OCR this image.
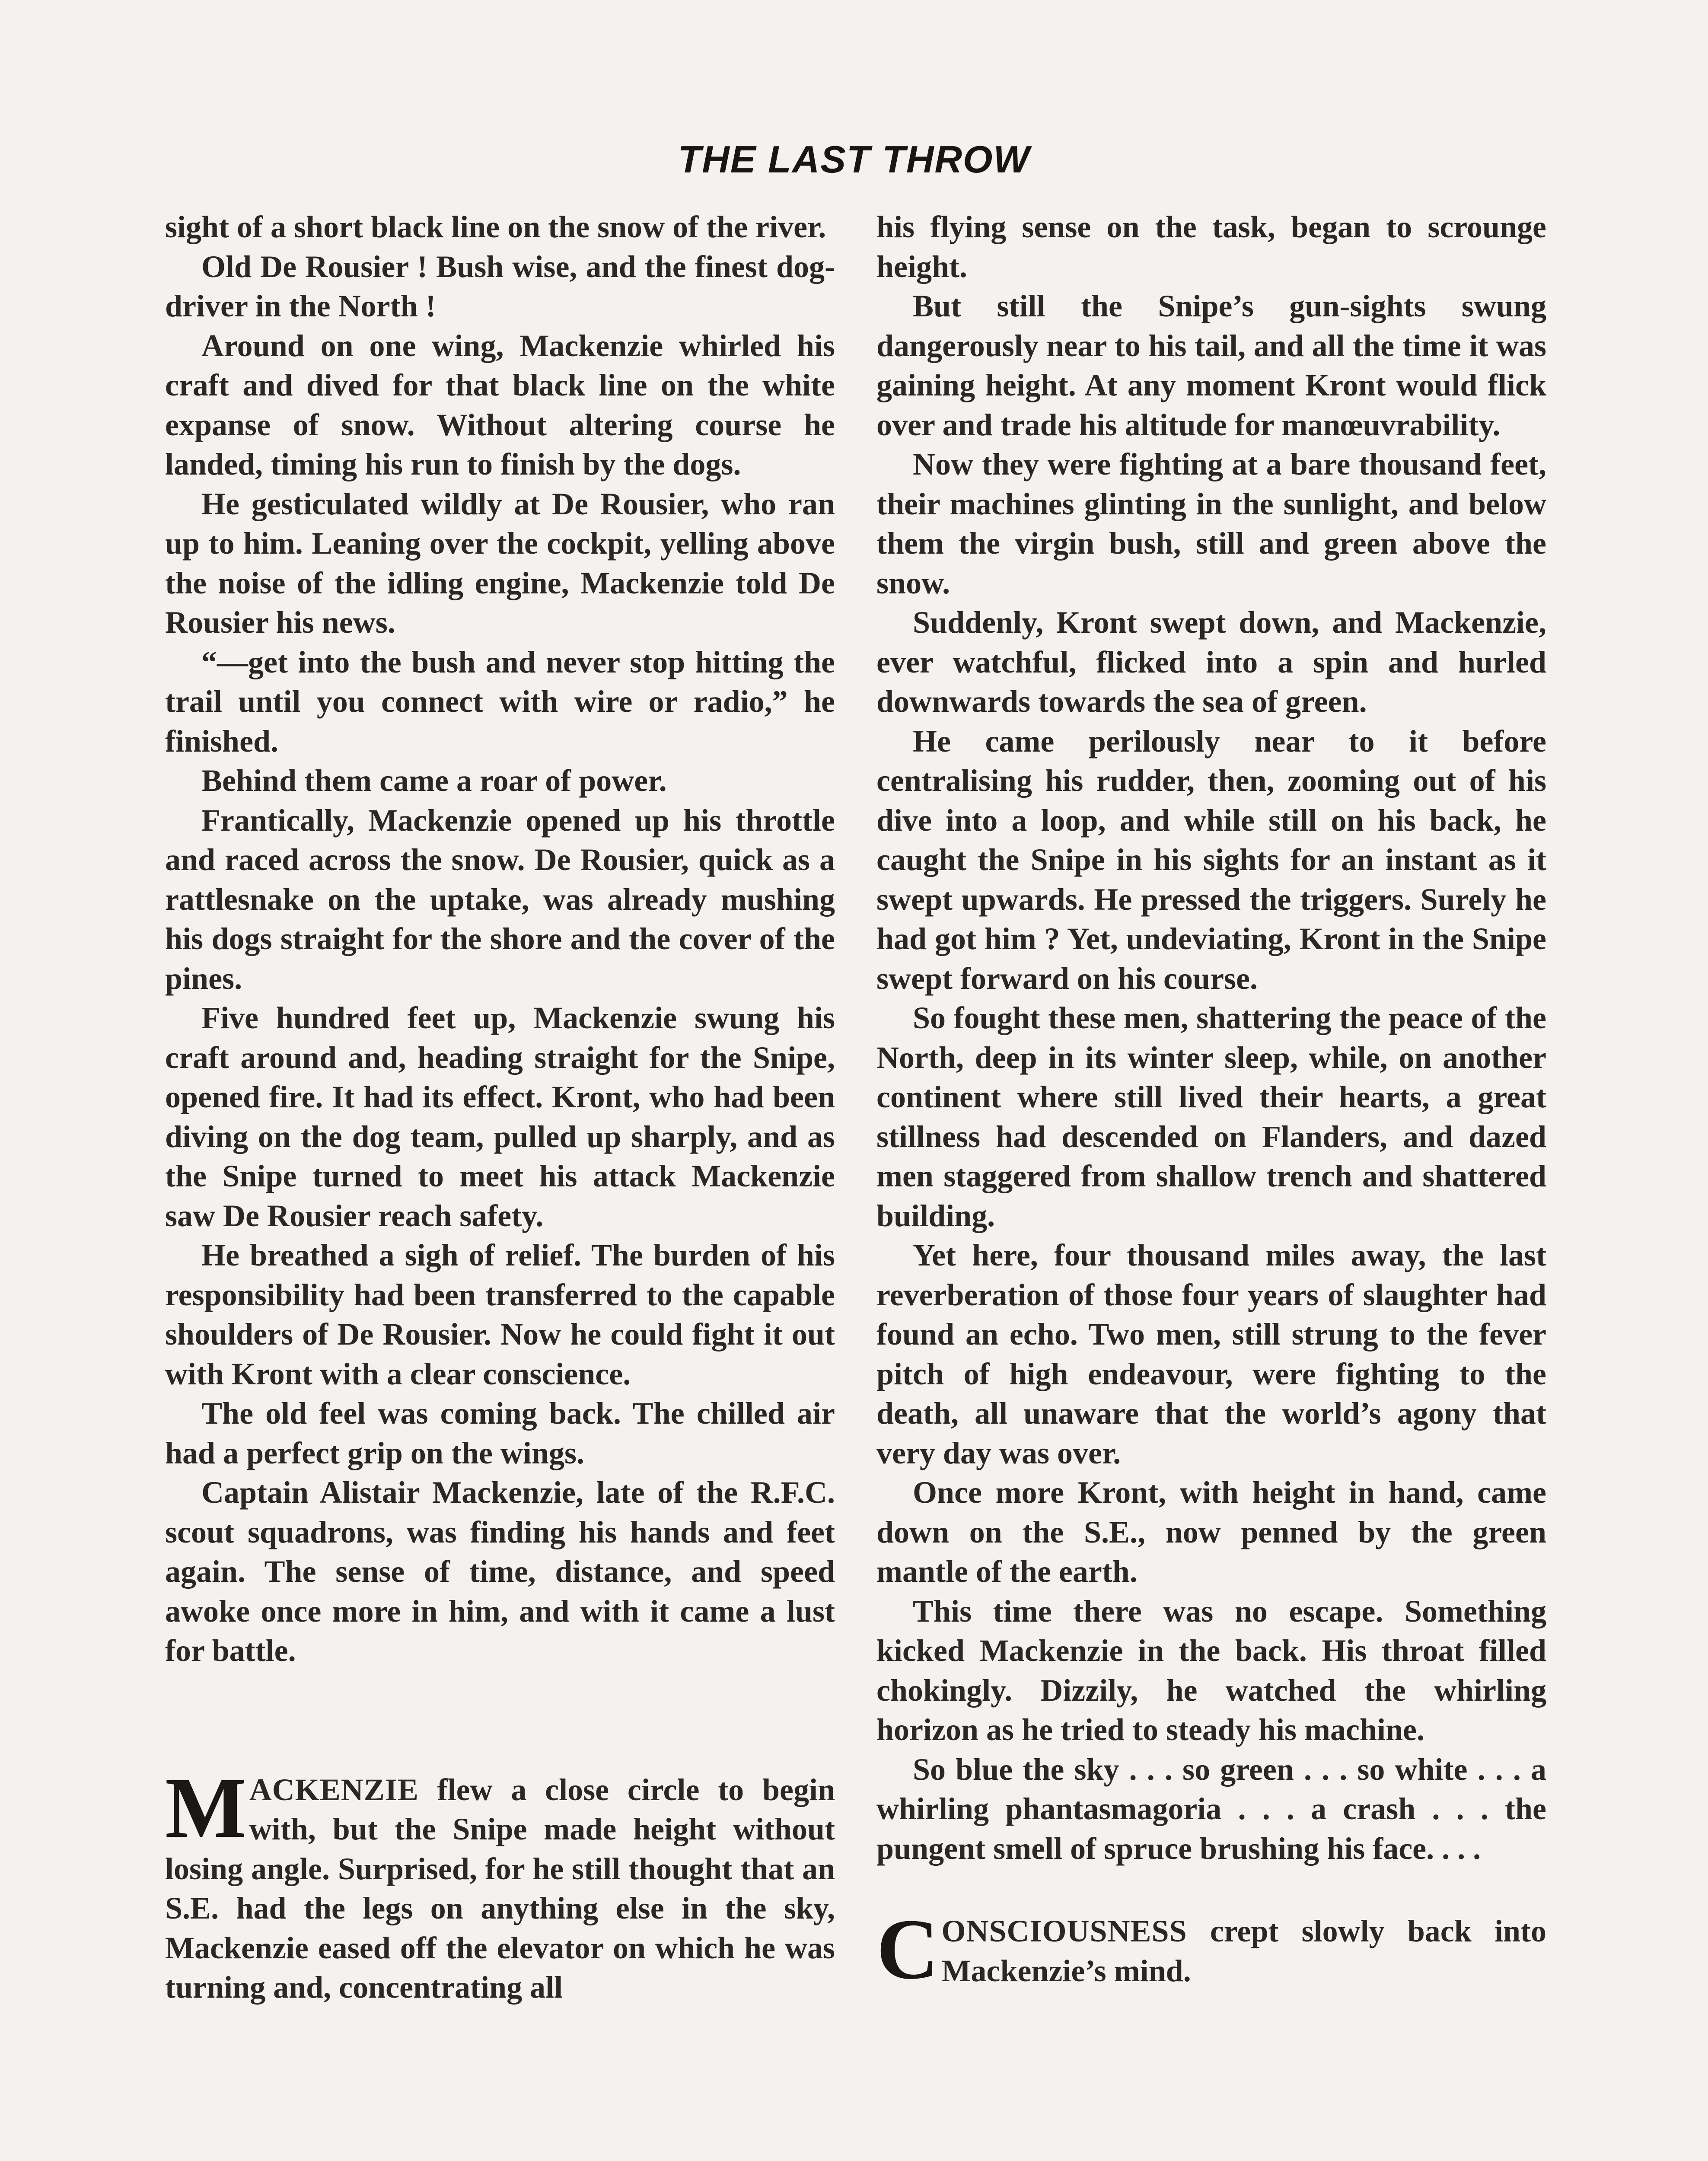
THE LAST THROW

sight of a short black line on the snow of the river.

Old De Rousier ! Bush wise, and the finest dog-driver in the North !

Around on one wing, Mackenzie whirled his craft and dived for that black line on the white expanse of snow. Without altering course he landed, timing his run to finish by the dogs.

He gesticulated wildly at De Rousier, who ran up to him. Leaning over the cockpit, yelling above the noise of the idling engine, Mackenzie told De Rousier his news.

“—get into the bush and never stop hitting the trail until you connect with wire or radio,” he finished.

Behind them came a roar of power.

Frantically, Mackenzie opened up his throttle and raced across the snow. De Rousier, quick as a rattlesnake on the uptake, was already mushing his dogs straight for the shore and the cover of the pines.

Five hundred feet up, Mackenzie swung his craft around and, heading straight for the Snipe, opened fire. It had its effect. Kront, who had been diving on the dog team, pulled up sharply, and as the Snipe turned to meet his attack Mackenzie saw De Rousier reach safety.

He breathed a sigh of relief. The burden of his responsibility had been transferred to the capable shoulders of De Rousier. Now he could fight it out with Kront with a clear conscience.

The old feel was coming back. The chilled air had a perfect grip on the wings.

Captain Alistair Mackenzie, late of the R.F.C. scout squadrons, was finding his hands and feet again. The sense of time, distance, and speed awoke once more in him, and with it came a lust for battle.

MACKENZIE flew a close circle to begin with, but the Snipe made height without losing angle. Surprised, for he still thought that an S.E. had the legs on anything else in the sky, Mackenzie eased off the elevator on which he was turning and, concentrating all

his flying sense on the task, began to scrounge height.

But still the Snipe’s gun-sights swung dangerously near to his tail, and all the time it was gaining height. At any moment Kront would flick over and trade his altitude for manœuvrability.

Now they were fighting at a bare thousand feet, their machines glinting in the sunlight, and below them the virgin bush, still and green above the snow.

Suddenly, Kront swept down, and Mackenzie, ever watchful, flicked into a spin and hurled downwards towards the sea of green.

He came perilously near to it before centralising his rudder, then, zooming out of his dive into a loop, and while still on his back, he caught the Snipe in his sights for an instant as it swept upwards. He pressed the triggers. Surely he had got him ? Yet, undeviating, Kront in the Snipe swept forward on his course.

So fought these men, shattering the peace of the North, deep in its winter sleep, while, on another continent where still lived their hearts, a great stillness had descended on Flanders, and dazed men staggered from shallow trench and shattered building.

Yet here, four thousand miles away, the last reverberation of those four years of slaughter had found an echo. Two men, still strung to the fever pitch of high endeavour, were fighting to the death, all unaware that the world’s agony that very day was over.

Once more Kront, with height in hand, came down on the S.E., now penned by the green mantle of the earth.

This time there was no escape. Something kicked Mackenzie in the back. His throat filled chokingly. Dizzily, he watched the whirling horizon as he tried to steady his machine.

So blue the sky . . . so green . . . so white . . . a whirling phantasmagoria . . . a crash . . . the pungent smell of spruce brushing his face. . . .

CONSCIOUSNESS crept slowly back into Mackenzie’s mind.
